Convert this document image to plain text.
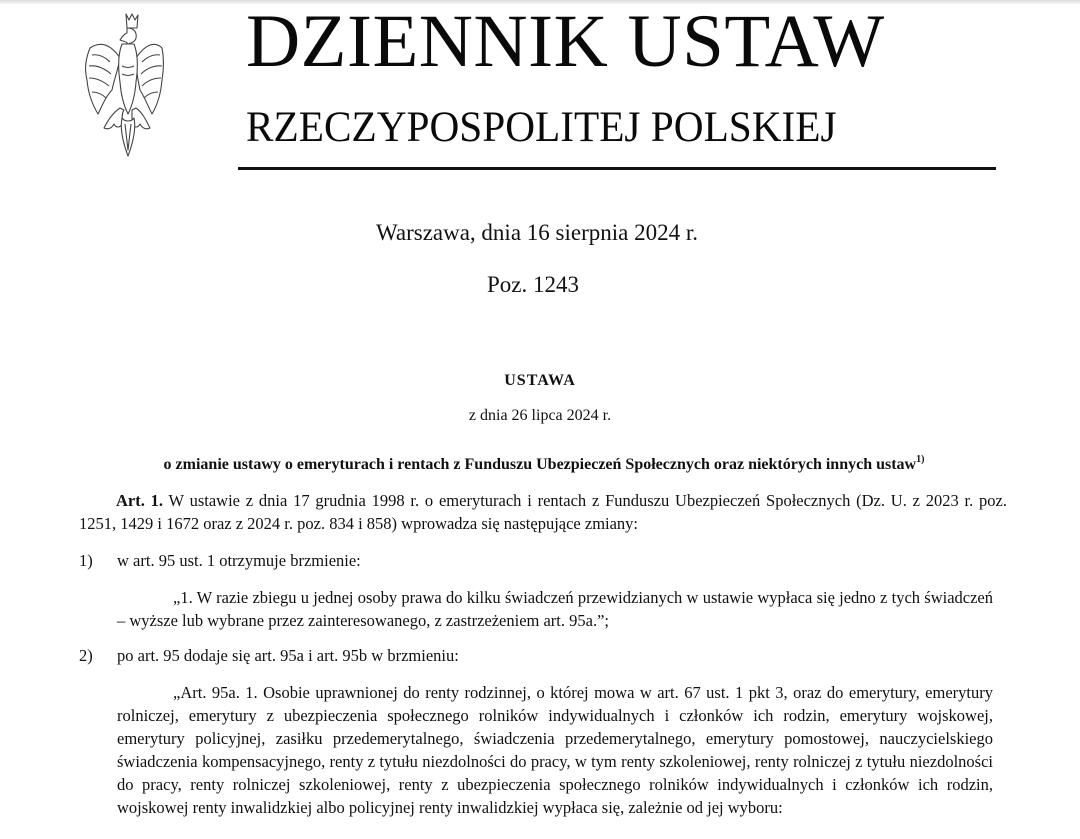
DZIENNIK USTAW
RZECZYPOSPOLITEJ POLSKIEJ
Warszawa, dnia 16 sierpnia 2024 r.
Poz. 1243
USTAWA
z dnia 26 lipca 2024 r.
o zmianie ustawy o emeryturach i rentach z Funduszu Ubezpieczeń Społecznych oraz niektórych innych ustaw$^{1)}$
Art. 1. W ustawie z dnia 17 grudnia 1998 r. o emeryturach i rentach z Funduszu Ubezpieczeń Społecznych (Dz. U. z 2023 r. poz. 1251, 1429 i 1672 oraz z 2024 r. poz. 834 i 858) wprowadza się następujące zmiany:
1)	w art. 95 ust. 1 otrzymuje brzmienie:
„1. W razie zbiegu u jednej osoby prawa do kilku świadczeń przewidzianych w ustawie wypłaca się jedno z tych świadczeń – wyższe lub wybrane przez zainteresowanego, z zastrzeżeniem art. 95a.”;
2)	po art. 95 dodaje się art. 95a i art. 95b w brzmieniu:
„Art. 95a. 1. Osobie uprawnionej do renty rodzinnej, o której mowa w art. 67 ust. 1 pkt 3, oraz do emerytury, emerytury rolniczej, emerytury z ubezpieczenia społecznego rolników indywidualnych i członków ich rodzin, emerytury wojskowej, emerytury policyjnej, zasiłku przedemerytalnego, świadczenia przedemerytalnego, emerytury pomostowej, nauczycielskiego świadczenia kompensacyjnego, renty z tytułu niezdolności do pracy, w tym renty szkoleniowej, renty rolniczej z tytułu niezdolności do pracy, renty rolniczej szkoleniowej, renty z ubezpieczenia społecznego rolników indywidualnych i członków ich rodzin, wojskowej renty inwalidzkiej albo policyjnej renty inwalidzkiej wypłaca się, zależnie od jej wyboru:
